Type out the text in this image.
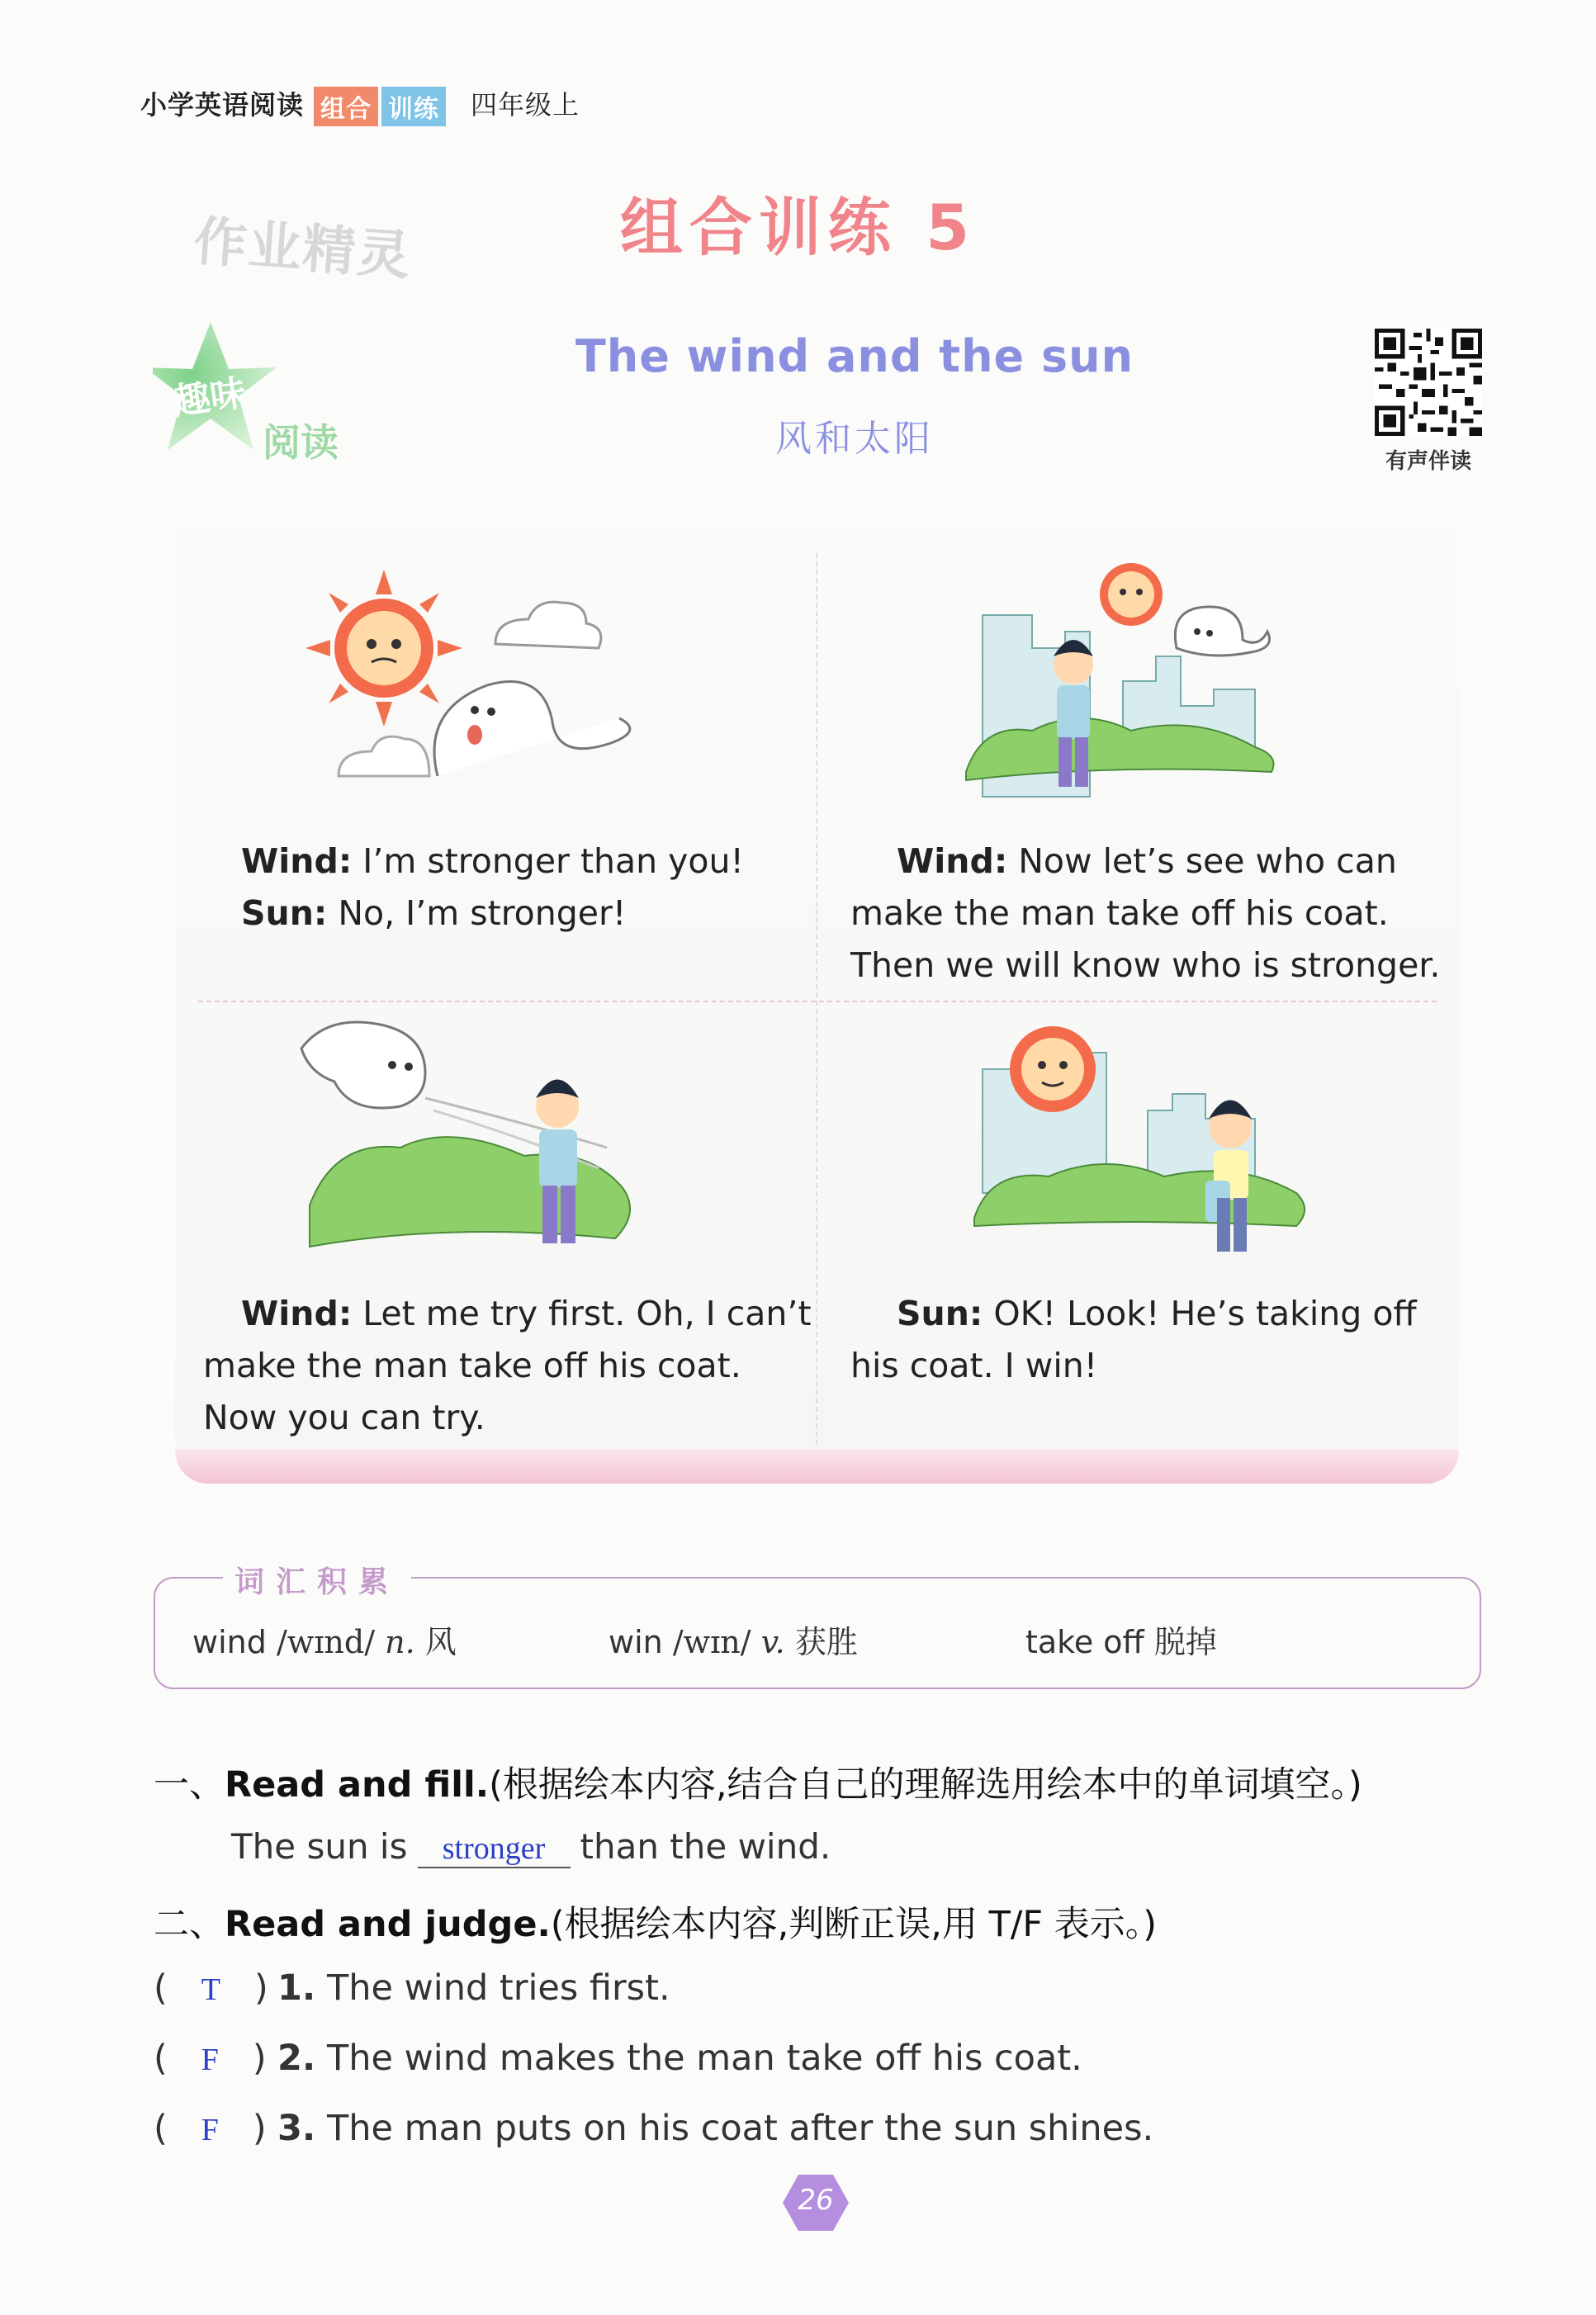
小学英语阅读 组合 训练 四年级上
作业精灵	组合训练 5
趣味
阅读
The wind and the sun
风和太阳
有声伴读
Wind: I’m stronger than you!
Sun: No, I’m stronger!
Wind: Now let’s see who can
make the man take off his coat.
Then we will know who is stronger.
Wind: Let me try first. Oh, I can’t
make the man take off his coat.
Now you can try.
Sun: OK! Look! He’s taking off
his coat. I win!
词汇积累
wind /wɪnd/ n. 风	win /wɪn/ v. 获胜	take off 脱掉
一、Read and fill.(根据绘本内容,结合自己的理解选用绘本中的单词填空。)
The sun is stronger than the wind.
二、Read and judge.(根据绘本内容,判断正误,用 T/F 表示。)
(   T   ) 1. The wind tries first.
(   F   ) 2. The wind makes the man take off his coat.
(   F   ) 3. The man puts on his coat after the sun shines.
26
